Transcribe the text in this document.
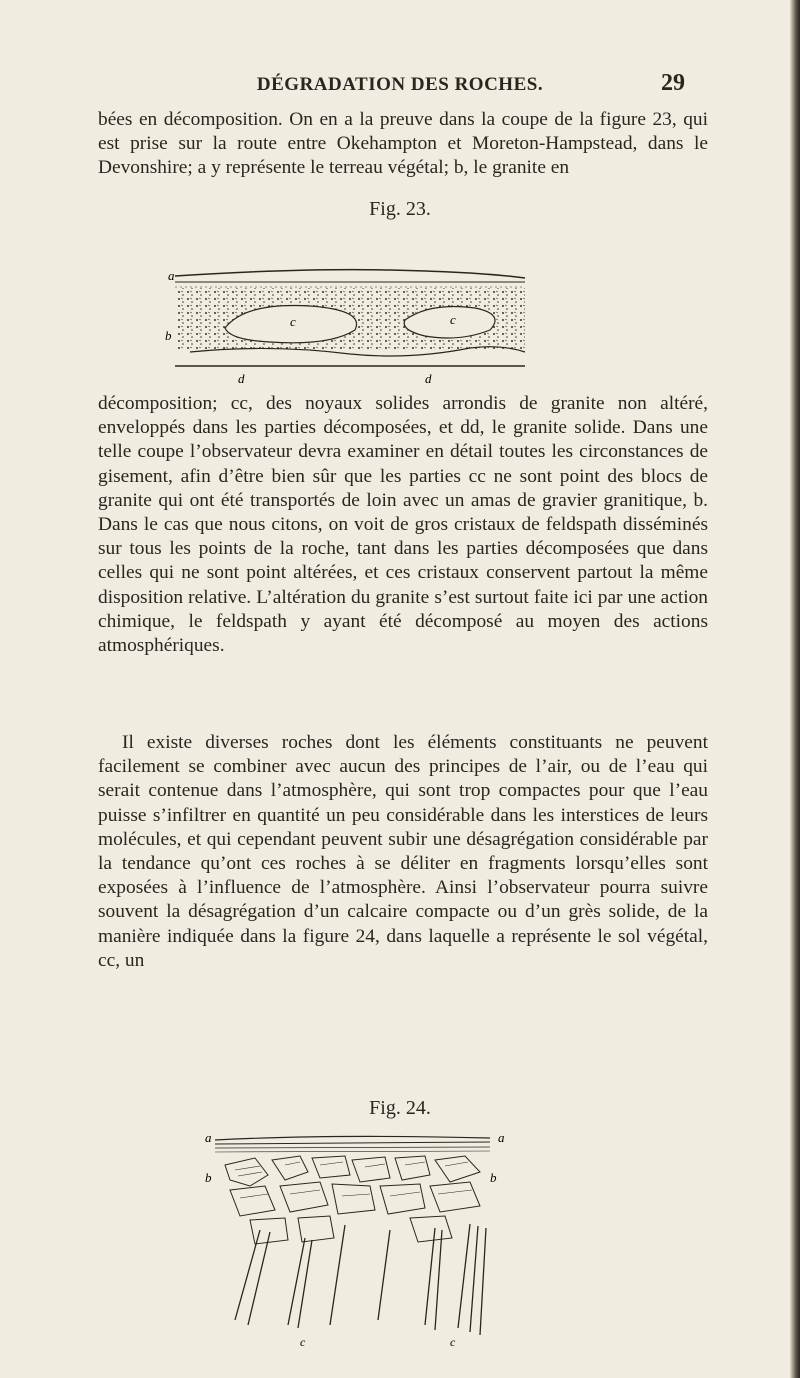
DÉGRADATION DES ROCHES.	29

bées en décomposition. On en a la preuve dans la coupe de la figure 23, qui est prise sur la route entre Okehampton et Moreton-Hampstead, dans le Devonshire; a y représente le terreau végétal; b, le granite en

Fig. 23.
a
b
c	c
d	d

décomposition; cc, des noyaux solides arrondis de granite non altéré, enveloppés dans les parties décomposées, et dd, le granite solide. Dans une telle coupe l’observateur devra examiner en détail toutes les circonstances de gisement, afin d’être bien sûr que les parties cc ne sont point des blocs de granite qui ont été transportés de loin avec un amas de gravier granitique, b. Dans le cas que nous citons, on voit de gros cristaux de feldspath disséminés sur tous les points de la roche, tant dans les parties décomposées que dans celles qui ne sont point altérées, et ces cristaux conservent partout la même disposition relative. L’altération du granite s’est surtout faite ici par une action chimique, le feldspath y ayant été décomposé au moyen des actions atmosphériques.

Il existe diverses roches dont les éléments constituants ne peuvent facilement se combiner avec aucun des principes de l’air, ou de l’eau qui serait contenue dans l’atmosphère, qui sont trop compactes pour que l’eau puisse s’infiltrer en quantité un peu considérable dans les interstices de leurs molécules, et qui cependant peuvent subir une désagrégation considérable par la tendance qu’ont ces roches à se déliter en fragments lorsqu’elles sont exposées à l’influence de l’atmosphère. Ainsi l’observateur pourra suivre souvent la désagrégation d’un calcaire compacte ou d’un grès solide, de la manière indiquée dans la figure 24, dans laquelle a représente le sol végétal, cc, un

Fig. 24.
a	a
b	b
c	c
